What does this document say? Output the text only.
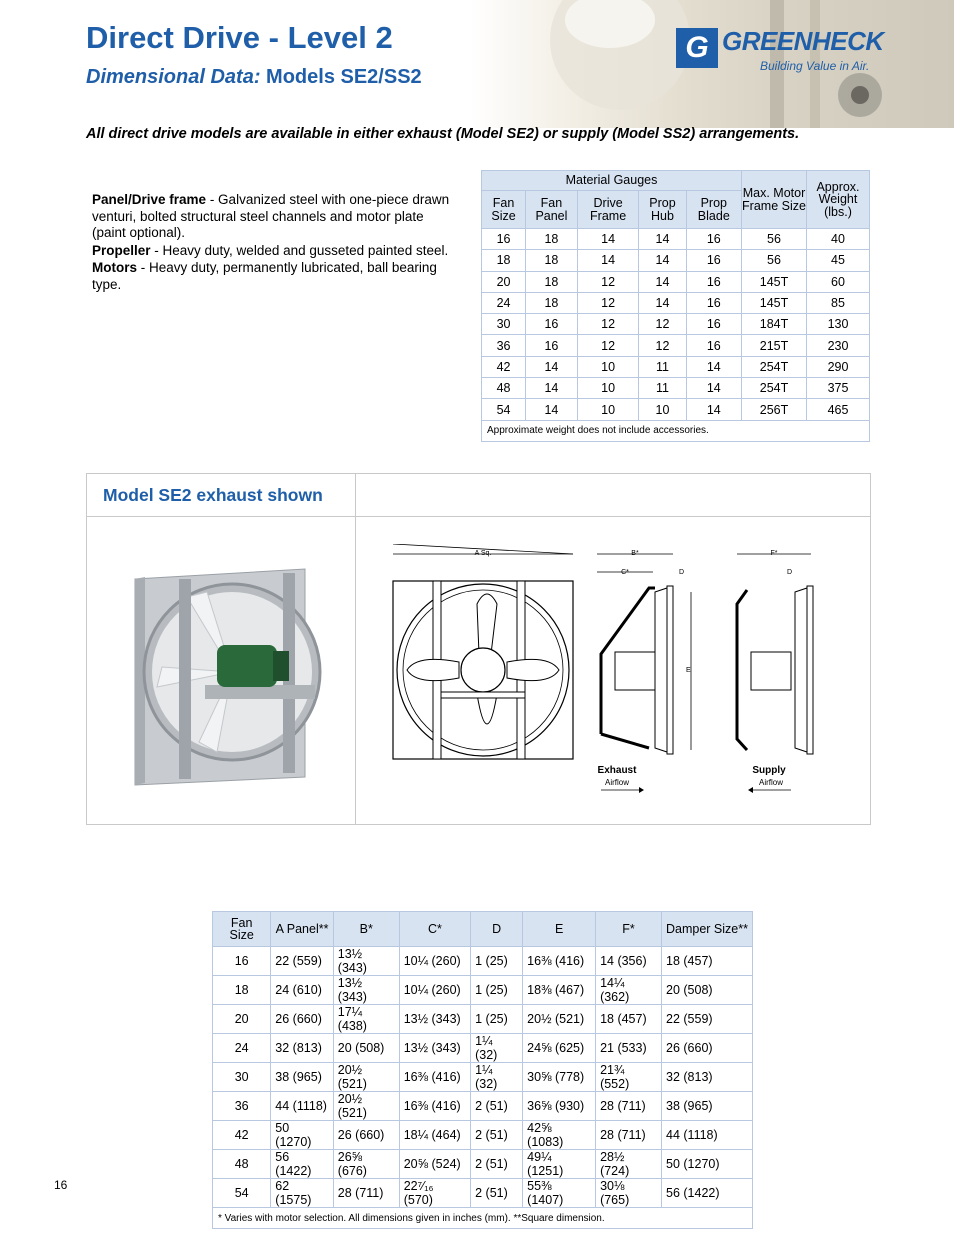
Direct Drive - Level 2
Dimensional Data: Models SE2/SS2
G GREENHECK
Building Value in Air.
All direct drive models are available in either exhaust (Model SE2) or supply (Model SS2) arrangements.

Panel/Drive frame - Galvanized steel with one-piece drawn venturi, bolted structural steel channels and motor plate (paint optional).

Propeller - Heavy duty, welded and gusseted painted steel.

Motors - Heavy duty, permanently lubricated, ball bearing type.

Material Gauges					Max. Motor Frame Size	Approx. Weight (lbs.)
Fan Size	Fan Panel	Drive Frame	Prop Hub	Prop Blade		
16	18	14	14	16	56	40
18	18	14	14	16	56	45
20	18	12	14	16	145T	60
24	18	12	14	16	145T	85
30	16	12	12	16	184T	130
36	16	12	12	16	215T	230
42	14	10	11	14	254T	290
48	14	10	11	14	254T	375
54	14	10	10	14	256T	465
Approximate weight does not include accessories.						
Model SE2 exhaust shown
A Sq.	B*
C*	D
E
Exhaust
Airflow
F*
D
Supply
Airflow
Fan Size	A Panel**	B*	C*	D	E	F*	Damper Size**
16	22 (559)	13½ (343)	10¼ (260)	1 (25)	16⅜ (416)	14 (356)	18 (457)
18	24 (610)	13½ (343)	10¼ (260)	1 (25)	18⅜ (467)	14¼ (362)	20 (508)
20	26 (660)	17¼ (438)	13½ (343)	1 (25)	20½ (521)	18 (457)	22 (559)
24	32 (813)	20 (508)	13½ (343)	1¼ (32)	24⅝ (625)	21 (533)	26 (660)
30	38 (965)	20½ (521)	16⅜ (416)	1¼ (32)	30⅝ (778)	21¾ (552)	32 (813)
36	44 (1118)	20½ (521)	16⅜ (416)	2 (51)	36⅝ (930)	28 (711)	38 (965)
42	50 (1270)	26 (660)	18¼ (464)	2 (51)	42⅝ (1083)	28 (711)	44 (1118)
48	56 (1422)	26⅝ (676)	20⅝ (524)	2 (51)	49¼ (1251)	28½ (724)	50 (1270)
54	62 (1575)	28 (711)	22⁷⁄₁₆ (570)	2 (51)	55⅜ (1407)	30⅛ (765)	56 (1422)
* Varies with motor selection. All dimensions given in inches (mm). **Square dimension.							
16
